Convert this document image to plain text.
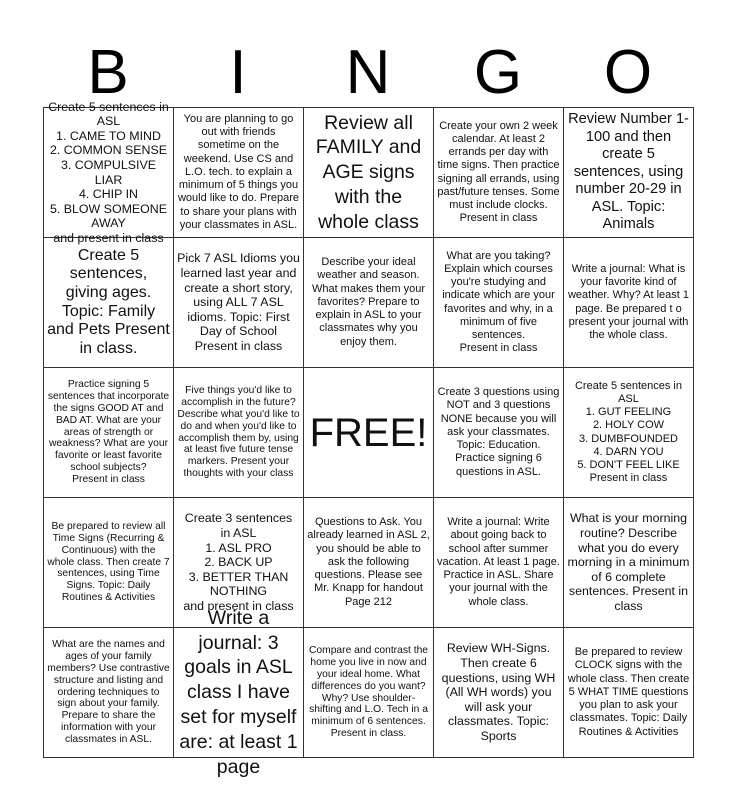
B	I	N	G	O
Create 5 sentences in
ASL
1. CAME TO MIND
2. COMMON SENSE
3. COMPULSIVE LIAR
4. CHIP IN
5. BLOW SOMEONE
AWAY
and present in class
You are planning to go out with friends sometime on the weekend. Use CS and L.O. tech. to explain a minimum of 5 things you would like to do. Prepare to share your plans with your classmates in ASL.
Review all FAMILY and AGE signs with the whole class
Create your own 2 week calendar. At least 2 errands per day with time signs. Then practice signing all errands, using past/future tenses. Some must include clocks. Present in class
Review Number 1-100 and then create 5 sentences, using number 20-29 in ASL. Topic: Animals
Create 5 sentences, giving ages. Topic: Family and Pets Present in class.
Pick 7 ASL Idioms you learned last year and create a short story, using ALL 7 ASL idioms. Topic: First Day of School Present in class
Describe your ideal weather and season. What makes them your favorites? Prepare to explain in ASL to your classmates why you enjoy them.
What are you taking? Explain which courses you're studying and indicate which are your favorites and why, in a minimum of five sentences.
Present in class
Write a journal: What is your favorite kind of weather. Why? At least 1 page. Be prepared t o present your journal with the whole class.
Practice signing 5 sentences that incorporate the signs GOOD AT and BAD AT. What are your areas of strength or weakness? What are your favorite or least favorite school subjects?
Present in class
Five things you'd like to accomplish in the future? Describe what you'd like to do and when you'd like to accomplish them by, using at least five future tense markers. Present your thoughts with your class
FREE!
Create 3 questions using NOT and 3 questions NONE because you will ask your classmates. Topic: Education. Practice signing 6 questions in ASL.
Create 5 sentences in
ASL
1. GUT FEELING
2. HOLY COW
3. DUMBFOUNDED
4. DARN YOU
5. DON'T FEEL LIKE
Present in class
Be prepared to review all Time Signs (Recurring & Continuous) with the whole class. Then create 7 sentences, using Time Signs. Topic: Daily Routines & Activities
Create 3 sentences
in ASL
1. ASL PRO
2. BACK UP
3. BETTER THAN
NOTHING
and present in class
Questions to Ask. You already learned in ASL 2, you should be able to ask the following questions. Please see Mr. Knapp for handout Page 212
Write a journal: Write about going back to school after summer vacation. At least 1 page. Practice in ASL. Share your journal with the whole class.
What is your morning routine? Describe what you do every morning in a minimum of 6 complete sentences. Present in class
What are the names and ages of your family members? Use contrastive structure and listing and ordering techniques to sign about your family. Prepare to share the information with your classmates in ASL.
Write a journal: 3 goals in ASL class I have set for myself are: at least 1 page
Compare and contrast the home you live in now and your ideal home. What differences do you want? Why? Use shoulder-shifting and L.O. Tech in a minimum of 6 sentences. Present in class.
Review WH-Signs. Then create 6 questions, using WH (All WH words) you will ask your classmates. Topic: Sports
Be prepared to review CLOCK signs with the whole class. Then create 5 WHAT TIME questions you plan to ask your classmates. Topic: Daily Routines & Activities
